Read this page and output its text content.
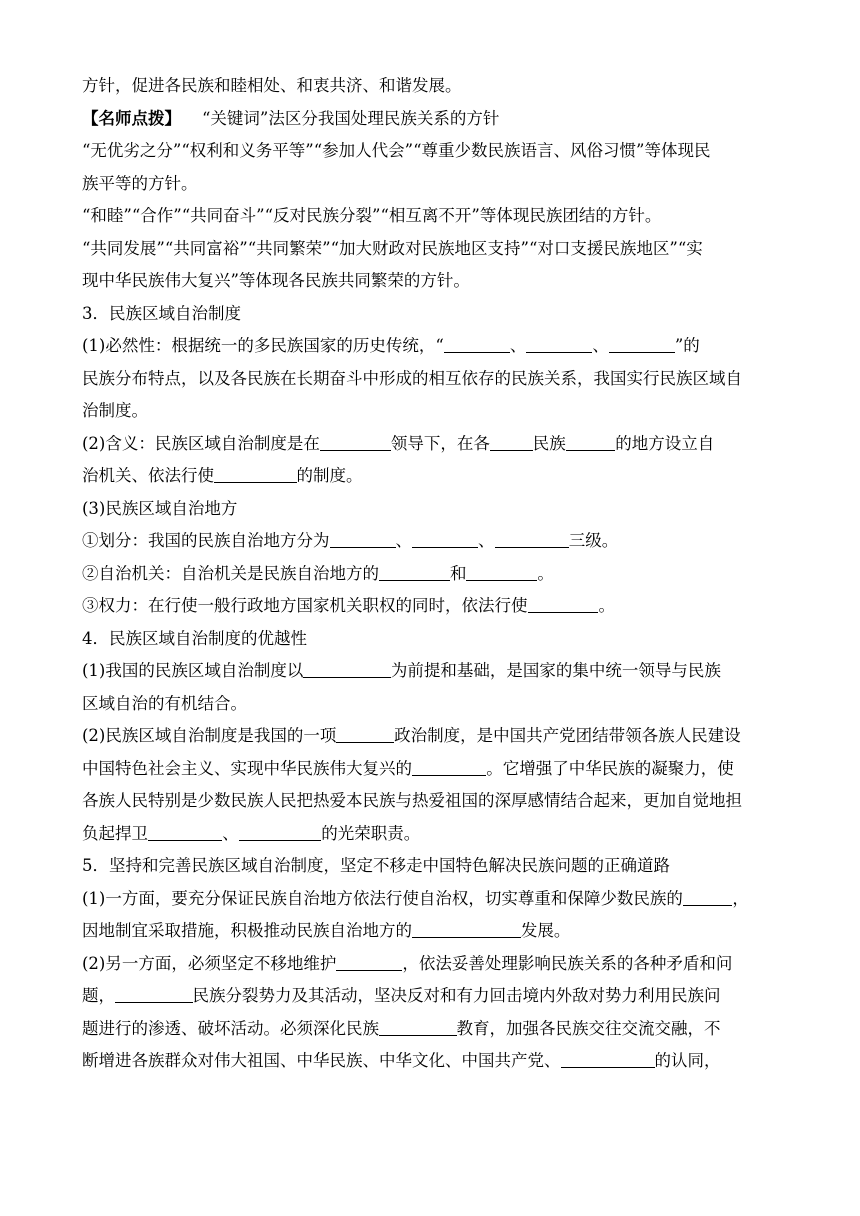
方针，促进各民族和睦相处、和衷共济、和谐发展。
【名师点拨】    “关键词”法区分我国处理民族关系的方针
“无优劣之分”“权利和义务平等”“参加人代会”“尊重少数民族语言、风俗习惯”等体现民
族平等的方针。
“和睦”“合作”“共同奋斗”“反对民族分裂”“相互离不开”等体现民族团结的方针。
“共同发展”“共同富裕”“共同繁荣”“加大财政对民族地区支持”“对口支援民族地区”“实
现中华民族伟大复兴”等体现各民族共同繁荣的方针。
3．民族区域自治制度
(1)必然性：根据统一的多民族国家的历史传统，“	、	、	”的
民族分布特点，以及各民族在长期奋斗中形成的相互依存的民族关系，我国实行民族区域自
治制度。
(2)含义：民族区域自治制度是在	领导下，在各	民族	的地方设立自
治机关、依法行使	的制度。
(3)民族区域自治地方
①划分：我国的民族自治地方分为	、	、	三级。
②自治机关：自治机关是民族自治地方的	和	。
③权力：在行使一般行政地方国家机关职权的同时，依法行使	。
4．民族区域自治制度的优越性
(1)我国的民族区域自治制度以	为前提和基础，是国家的集中统一领导与民族
区域自治的有机结合。
(2)民族区域自治制度是我国的一项	政治制度，是中国共产党团结带领各族人民建设
中国特色社会主义、实现中华民族伟大复兴的	。它增强了中华民族的凝聚力，使
各族人民特别是少数民族人民把热爱本民族与热爱祖国的深厚感情结合起来，更加自觉地担
负起捍卫	、	的光荣职责。
5．坚持和完善民族区域自治制度，坚定不移走中国特色解决民族问题的正确道路
(1)一方面，要充分保证民族自治地方依法行使自治权，切实尊重和保障少数民族的	，
因地制宜采取措施，积极推动民族自治地方的	发展。
(2)另一方面，必须坚定不移地维护	，依法妥善处理影响民族关系的各种矛盾和问
题，	民族分裂势力及其活动，坚决反对和有力回击境内外敌对势力利用民族问
题进行的渗透、破坏活动。必须深化民族	教育，加强各民族交往交流交融，不
断增进各族群众对伟大祖国、中华民族、中华文化、中国共产党、	的认同，
